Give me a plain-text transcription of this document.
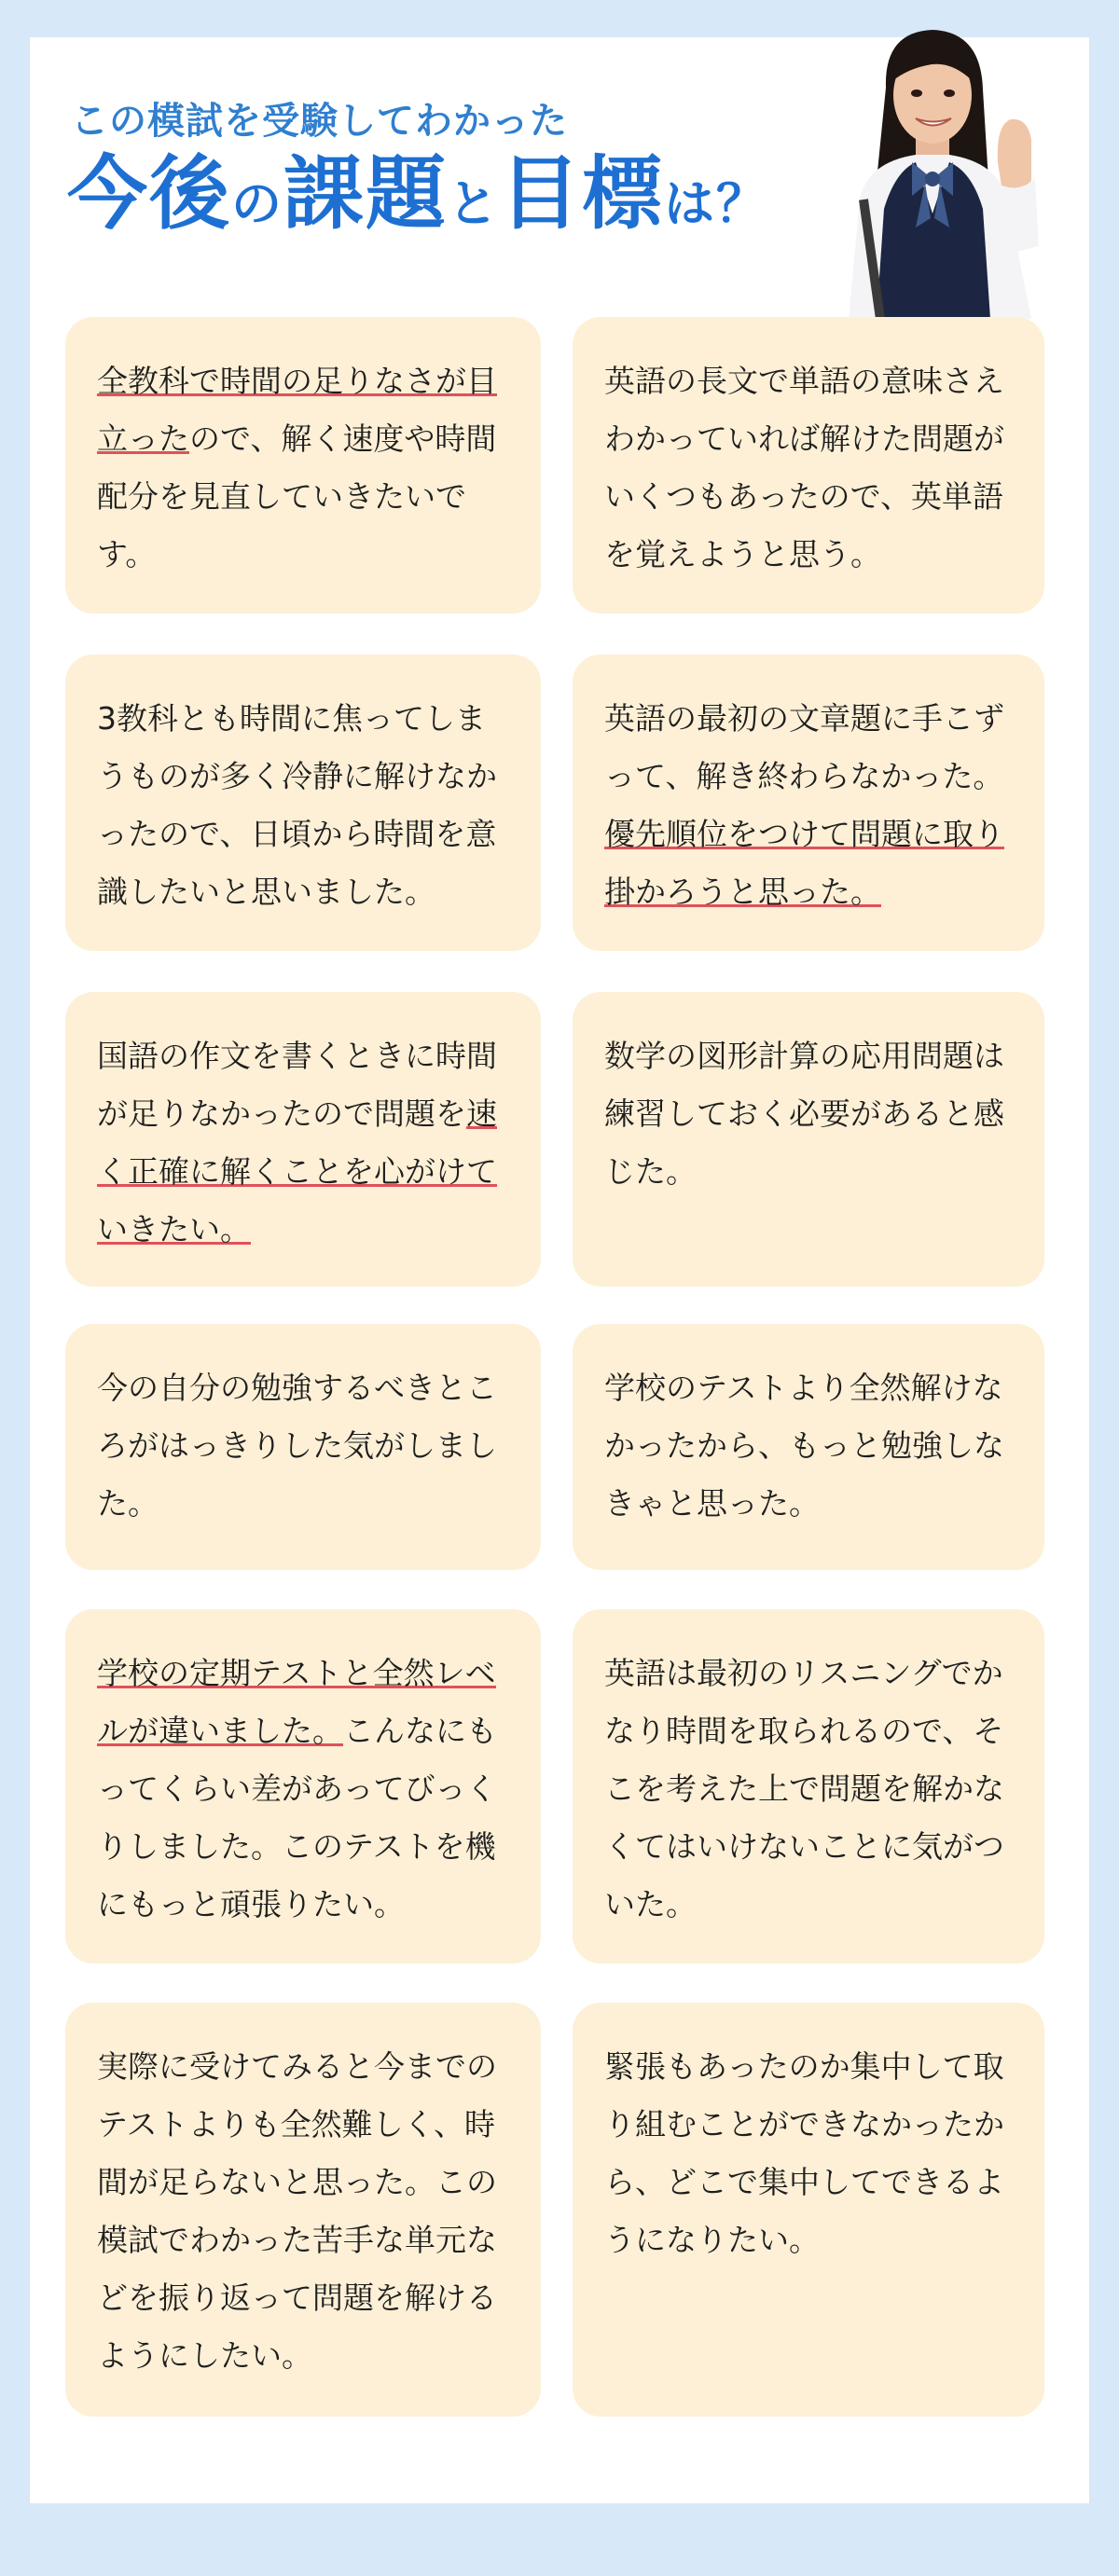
この模試を受験してわかった
今後の課題と目標は？

全教科で時間の足りなさが目立ったので、解く速度や時間配分を見直していきたいです。

英語の長文で単語の意味さえわかっていれば解けた問題がいくつもあったので、英単語を覚えようと思う。

3教科とも時間に焦ってしまうものが多く冷静に解けなかったので、日頃から時間を意識したいと思いました。

英語の最初の文章題に手こずって、解き終わらなかった。優先順位をつけて問題に取り掛かろうと思った。

国語の作文を書くときに時間が足りなかったので問題を速く正確に解くことを心がけていきたい。

数学の図形計算の応用問題は練習しておく必要があると感じた。

今の自分の勉強するべきところがはっきりした気がしました。

学校のテストより全然解けなかったから、もっと勉強しなきゃと思った。

学校の定期テストと全然レベルが違いました。こんなにもってくらい差があってびっくりしました。このテストを機にもっと頑張りたい。

英語は最初のリスニングでかなり時間を取られるので、そこを考えた上で問題を解かなくてはいけないことに気がついた。

実際に受けてみると今までのテストよりも全然難しく、時間が足らないと思った。この模試でわかった苦手な単元などを振り返って問題を解けるようにしたい。

緊張もあったのか集中して取り組むことができなかったから、どこで集中してできるようになりたい。
